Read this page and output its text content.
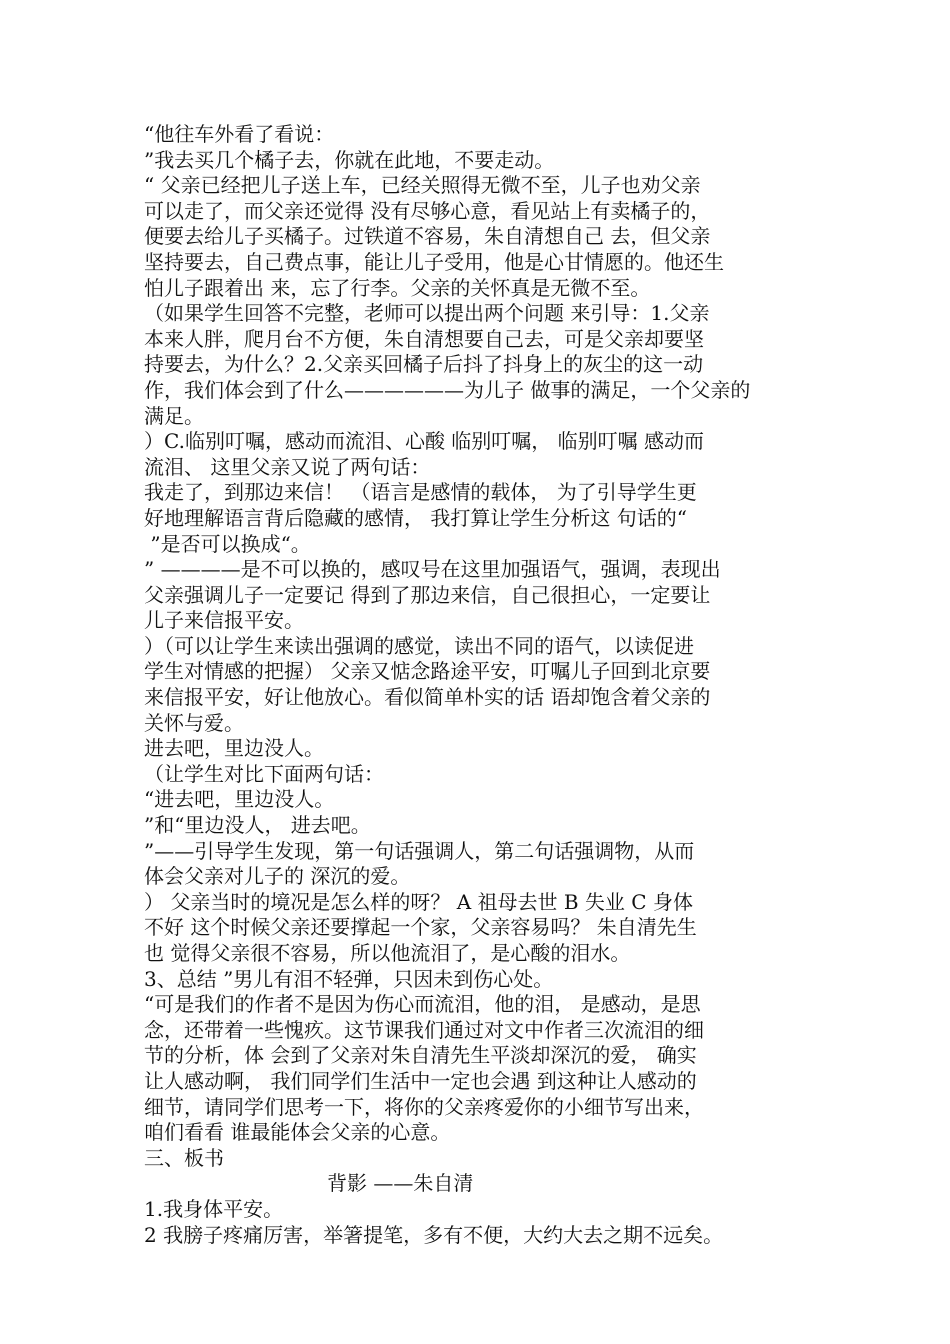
“他往车外看了看说：
”我去买几个橘子去，你就在此地，不要走动。
“ 父亲已经把儿子送上车，已经关照得无微不至，儿子也劝父亲
可以走了，而父亲还觉得 没有尽够心意，看见站上有卖橘子的，
便要去给儿子买橘子。过铁道不容易，朱自清想自己 去，但父亲
坚持要去，自己费点事，能让儿子受用，他是心甘情愿的。他还生
怕儿子跟着出 来，忘了行李。父亲的关怀真是无微不至。
（如果学生回答不完整，老师可以提出两个问题 来引导：1.父亲
本来人胖，爬月台不方便，朱自清想要自己去，可是父亲却要坚
持要去，为什么？2.父亲买回橘子后抖了抖身上的灰尘的这一动
作，我们体会到了什么——————为儿子 做事的满足，一个父亲的
满足。
）C.临别叮嘱，感动而流泪、心酸 临别叮嘱， 临别叮嘱 感动而
流泪、 这里父亲又说了两句话：
我走了，到那边来信！ （语言是感情的载体， 为了引导学生更
好地理解语言背后隐藏的感情， 我打算让学生分析这 句话的“
”是否可以换成“。
” ————是不可以换的，感叹号在这里加强语气，强调，表现出
父亲强调儿子一定要记 得到了那边来信，自己很担心，一定要让
儿子来信报平安。
）（可以让学生来读出强调的感觉，读出不同的语气，以读促进
学生对情感的把握） 父亲又惦念路途平安，叮嘱儿子回到北京要
来信报平安，好让他放心。看似简单朴实的话 语却饱含着父亲的
关怀与爱。
进去吧，里边没人。
（让学生对比下面两句话：
“进去吧，里边没人。
”和“里边没人， 进去吧。
”——引导学生发现，第一句话强调人，第二句话强调物，从而
体会父亲对儿子的 深沉的爱。
） 父亲当时的境况是怎么样的呀？ A 祖母去世 B 失业 C 身体
不好 这个时候父亲还要撑起一个家，父亲容易吗？ 朱自清先生
也 觉得父亲很不容易，所以他流泪了，是心酸的泪水。
3、总结 ”男儿有泪不轻弹，只因未到伤心处。
“可是我们的作者不是因为伤心而流泪，他的泪， 是感动，是思
念，还带着一些愧疚。这节课我们通过对文中作者三次流泪的细
节的分析，体 会到了父亲对朱自清先生平淡却深沉的爱， 确实
让人感动啊， 我们同学们生活中一定也会遇 到这种让人感动的
细节，请同学们思考一下，将你的父亲疼爱你的小细节写出来，
咱们看看 谁最能体会父亲的心意。
三、板书
背影 ——朱自清
1.我身体平安。
2 我膀子疼痛厉害，举箸提笔，多有不便，大约大去之期不远矣。
